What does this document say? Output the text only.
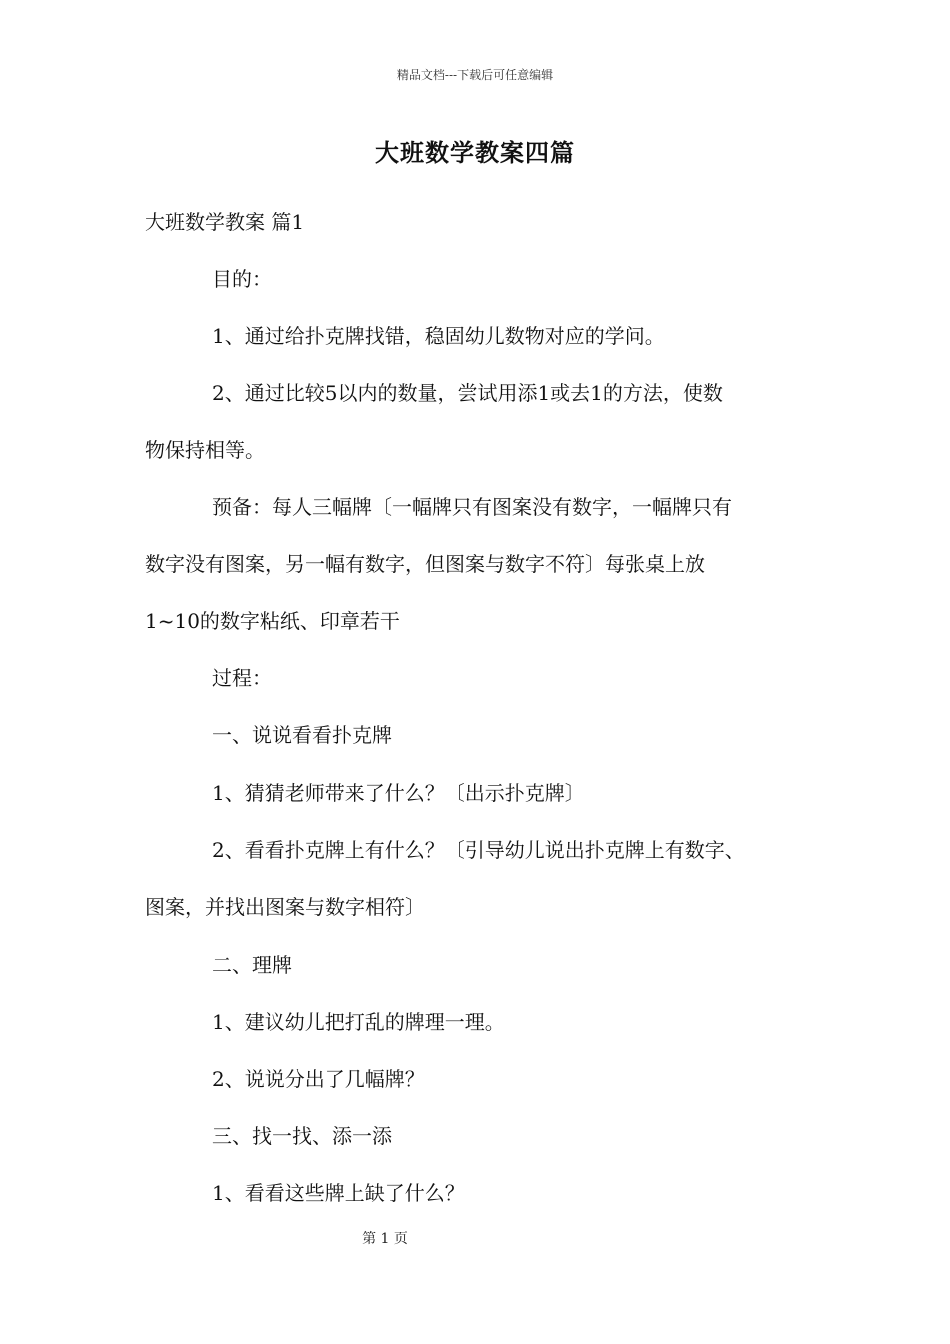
精品文档---下载后可任意编辑
大班数学教案四篇
大班数学教案 篇1
目的：
1、通过给扑克牌找错，稳固幼儿数物对应的学问。
2、通过比较5以内的数量，尝试用添1或去1的方法，使数
物保持相等。
预备：每人三幅牌〔一幅牌只有图案没有数字，一幅牌只有
数字没有图案，另一幅有数字，但图案与数字不符〕每张桌上放
1~10的数字粘纸、印章若干
过程：
一、说说看看扑克牌
1、猜猜老师带来了什么？〔出示扑克牌〕
2、看看扑克牌上有什么？〔引导幼儿说出扑克牌上有数字、
图案，并找出图案与数字相符〕
二、理牌
1、建议幼儿把打乱的牌理一理。
2、说说分出了几幅牌？
三、找一找、添一添
1、看看这些牌上缺了什么？
第 1 页
